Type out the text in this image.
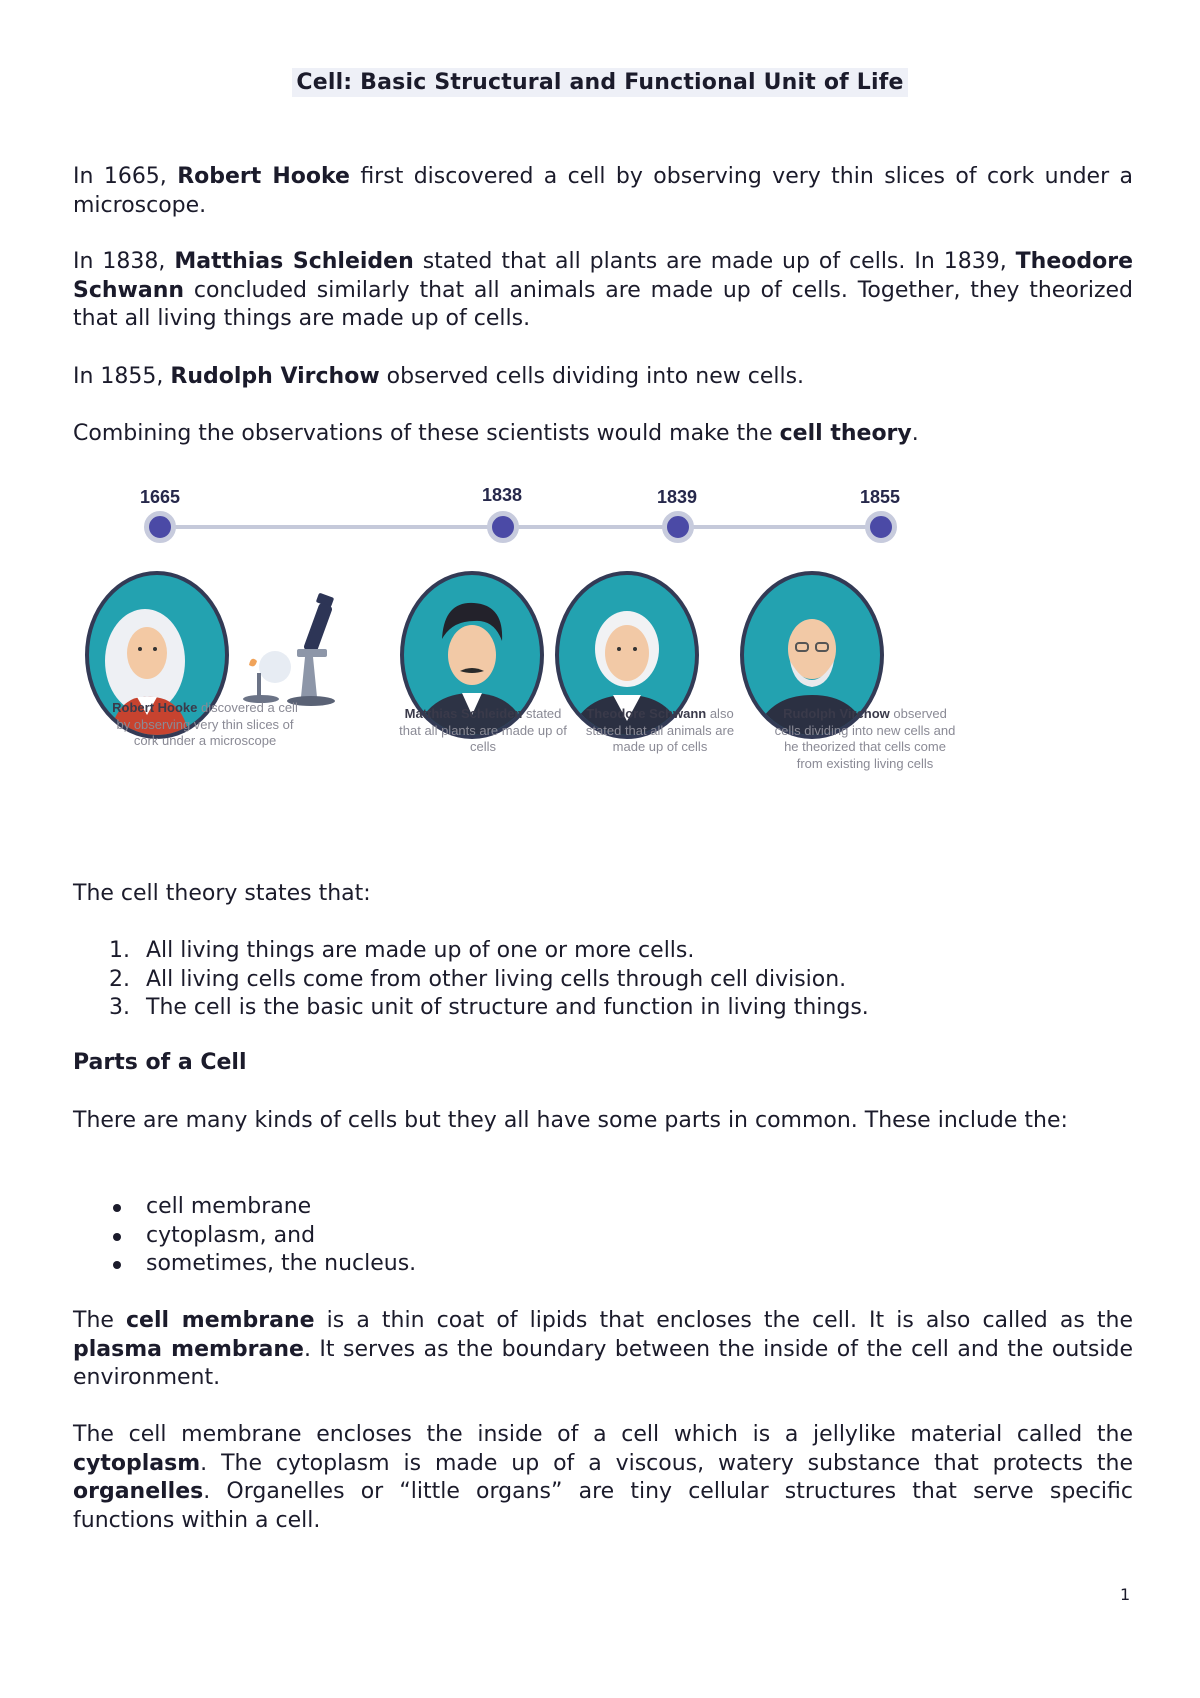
Cell: Basic Structural and Functional Unit of Life

In 1665, Robert Hooke first discovered a cell by observing very thin slices of cork under a microscope.

In 1838, Matthias Schleiden stated that all plants are made up of cells. In 1839, Theodore Schwann concluded similarly that all animals are made up of cells. Together, they theorized that all living things are made up of cells.

In 1855, Rudolph Virchow observed cells dividing into new cells.

Combining the observations of these scientists would make the cell theory.

1665	1838	1839	1855
Robert Hooke discovered a cell by observing very thin slices of cork under a microscope
Matthias Schleiden stated that all plants are made up of cells
Theodore Schwann also stated that all animals are made up of cells
Rudolph Virchow observed cells dividing into new cells and he theorized that cells come from existing living cells

The cell theory states that:

1. All living things are made up of one or more cells.
2. All living cells come from other living cells through cell division.
3. The cell is the basic unit of structure and function in living things.

Parts of a Cell

There are many kinds of cells but they all have some parts in common. These include the:

cell membrane
cytoplasm, and
sometimes, the nucleus.

The cell membrane is a thin coat of lipids that encloses the cell. It is also called as the plasma membrane. It serves as the boundary between the inside of the cell and the outside environment.

The cell membrane encloses the inside of a cell which is a jellylike material called the cytoplasm. The cytoplasm is made up of a viscous, watery substance that protects the organelles. Organelles or “little organs” are tiny cellular structures that serve specific functions within a cell.

1
